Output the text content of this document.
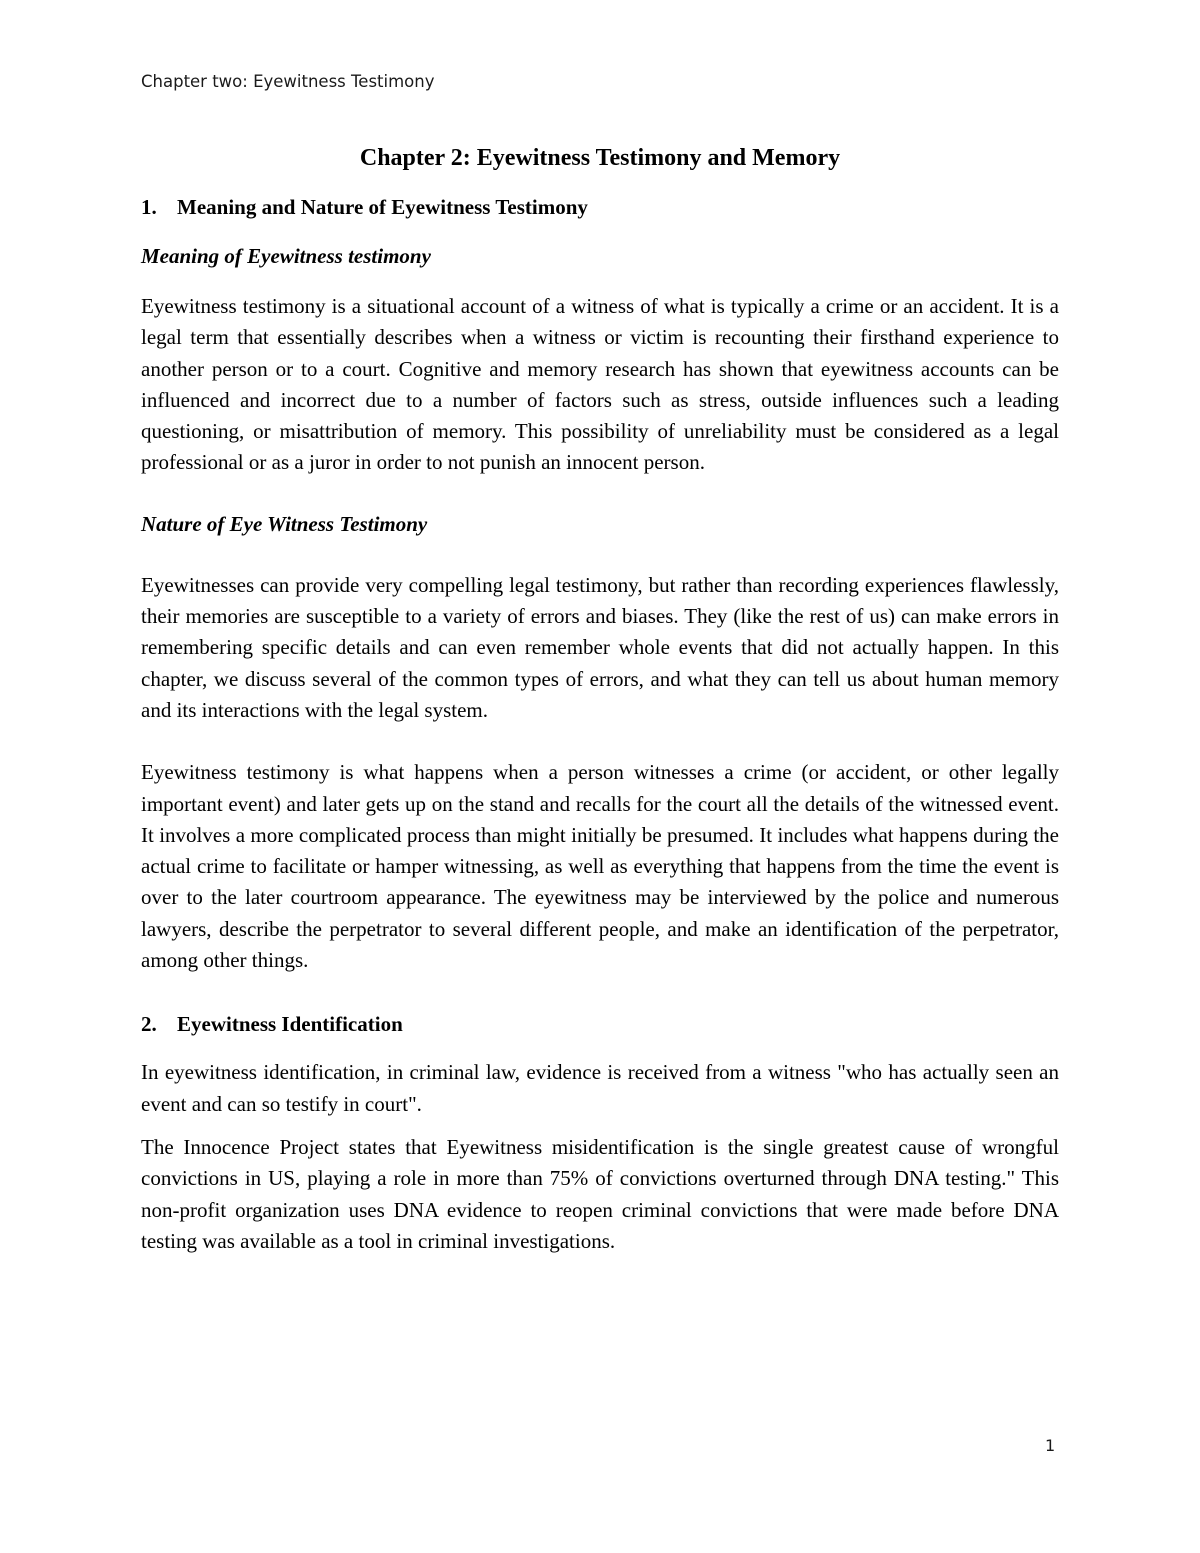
Chapter two: Eyewitness Testimony
Chapter 2: Eyewitness Testimony and Memory
1. Meaning and Nature of Eyewitness Testimony
Meaning of Eyewitness testimony

Eyewitness testimony is a situational account of a witness of what is typically a crime or an accident. It is a legal term that essentially describes when a witness or victim is recounting their firsthand experience to another person or to a court. Cognitive and memory research has shown that eyewitness accounts can be influenced and incorrect due to a number of factors such as stress, outside influences such a leading questioning, or misattribution of memory. This possibility of unreliability must be considered as a legal professional or as a juror in order to not punish an innocent person.

Nature of Eye Witness Testimony

Eyewitnesses can provide very compelling legal testimony, but rather than recording experiences flawlessly, their memories are susceptible to a variety of errors and biases. They (like the rest of us) can make errors in remembering specific details and can even remember whole events that did not actually happen. In this chapter, we discuss several of the common types of errors, and what they can tell us about human memory and its interactions with the legal system.

Eyewitness testimony is what happens when a person witnesses a crime (or accident, or other legally important event) and later gets up on the stand and recalls for the court all the details of the witnessed event. It involves a more complicated process than might initially be presumed. It includes what happens during the actual crime to facilitate or hamper witnessing, as well as everything that happens from the time the event is over to the later courtroom appearance. The eyewitness may be interviewed by the police and numerous lawyers, describe the perpetrator to several different people, and make an identification of the perpetrator, among other things.

2. Eyewitness Identification

In eyewitness identification, in criminal law, evidence is received from a witness "who has actually seen an event and can so testify in court".

The Innocence Project states that Eyewitness misidentification is the single greatest cause of wrongful convictions in US, playing a role in more than 75% of convictions overturned through DNA testing." This non-profit organization uses DNA evidence to reopen criminal convictions that were made before DNA testing was available as a tool in criminal investigations.

1
